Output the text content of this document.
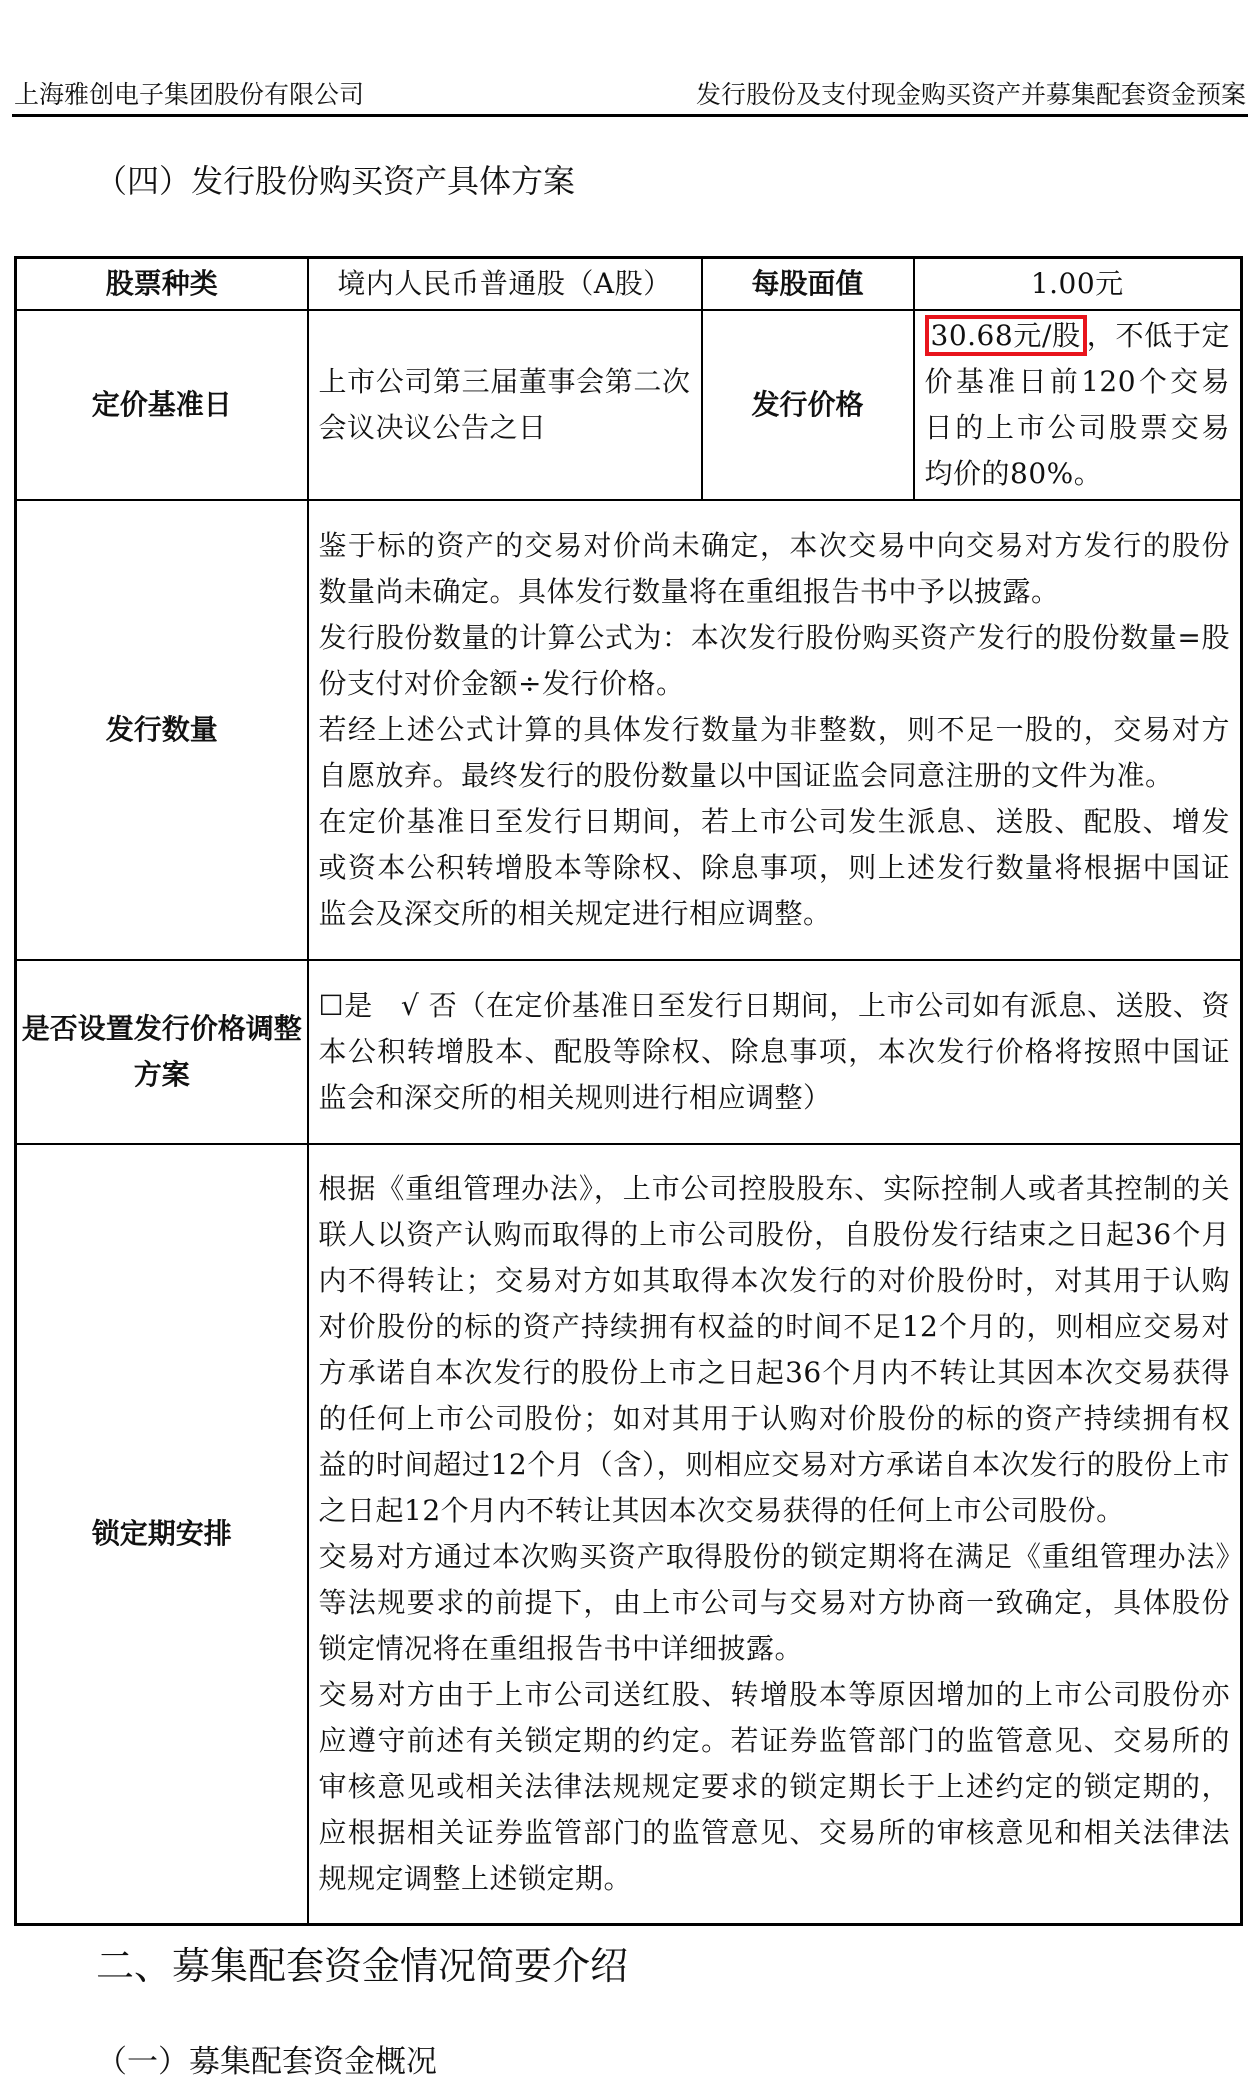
上海雅创电子集团股份有限公司	发行股份及支付现金购买资产并募集配套资金预案
（四）发行股份购买资产具体方案
股票种类	境内人民币普通股（A股）	每股面值	1.00元
定价基准日	上市公司第三届董事会第二次会议决议公告之日	发行价格	30.68元/股 ，不低于定价基准日前120个交易日的上市公司股票交易均价的80%。
发行数量	鉴于标的资产的交易对价尚未确定，本次交易中向交易对方发行的股份数量尚未确定。具体发行数量将在重组报告书中予以披露。

发行股份数量的计算公式为：本次发行股份购买资产发行的股份数量=股份支付对价金额÷发行价格。

若经上述公式计算的具体发行数量为非整数，则不足一股的，交易对方自愿放弃。最终发行的股份数量以中国证监会同意注册的文件为准。

在定价基准日至发行日期间，若上市公司发生派息、送股、配股、增发或资本公积转增股本等除权、除息事项，则上述发行数量将根据中国证监会及深交所的相关规定进行相应调整。		

是否设置发行价格调整方案	☐是 √ 否（在定价基准日至发行日期间，上市公司如有派息、送股、资本公积转增股本、配股等除权、除息事项，本次发行价格将按照中国证监会和深交所的相关规则进行相应调整）		
锁定期安排	根据《重组管理办法》，上市公司控股股东、实际控制人或者其控制的关联人以资产认购而取得的上市公司股份，自股份发行结束之日起36个月内不得转让；交易对方如其取得本次发行的对价股份时，对其用于认购对价股份的标的资产持续拥有权益的时间不足12个月的，则相应交易对方承诺自本次发行的股份上市之日起36个月内不转让其因本次交易获得的任何上市公司股份；如对其用于认购对价股份的标的资产持续拥有权益的时间超过12个月（含），则相应交易对方承诺自本次发行的股份上市之日起12个月内不转让其因本次交易获得的任何上市公司股份。

交易对方通过本次购买资产取得股份的锁定期将在满足《重组管理办法》等法规要求的前提下，由上市公司与交易对方协商一致确定，具体股份锁定情况将在重组报告书中详细披露。

交易对方由于上市公司送红股、转增股本等原因增加的上市公司股份亦应遵守前述有关锁定期的约定。若证券监管部门的监管意见、交易所的审核意见或相关法律法规规定要求的锁定期长于上述约定的锁定期的，应根据相关证券监管部门的监管意见、交易所的审核意见和相关法律法规规定调整上述锁定期。		

二、募集配套资金情况简要介绍
（一）募集配套资金概况
